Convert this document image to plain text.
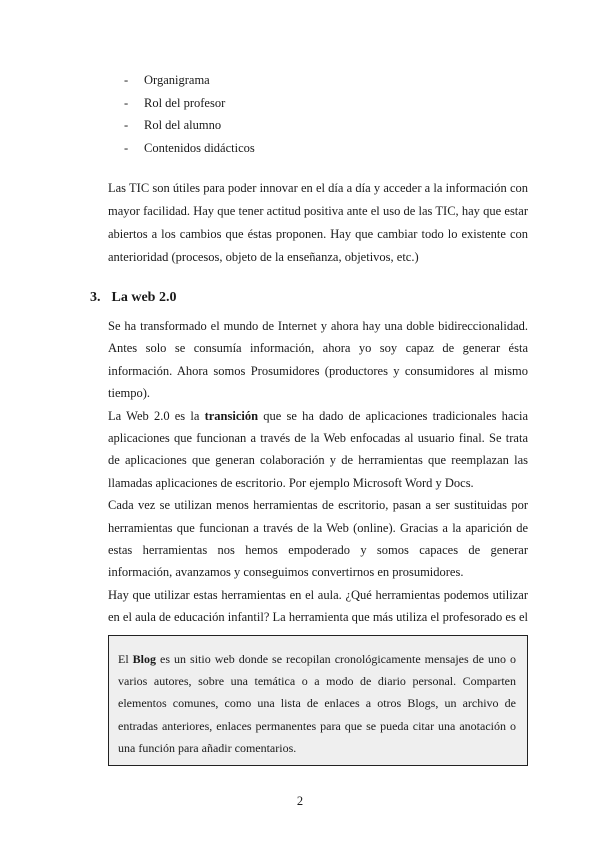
-	Organigrama
-	Rol del profesor
-	Rol del alumno
-	Contenidos didácticos

Las TIC son útiles para poder innovar en el día a día y acceder a la información con mayor facilidad. Hay que tener actitud positiva ante el uso de las TIC, hay que estar abiertos a los cambios que éstas proponen. Hay que cambiar todo lo existente con anterioridad (procesos, objeto de la enseñanza, objetivos, etc.)

3. La web 2.0

Se ha transformado el mundo de Internet y ahora hay una doble bidireccionalidad. Antes solo se consumía información, ahora yo soy capaz de generar ésta información. Ahora somos Prosumidores (productores y consumidores al mismo tiempo).

La Web 2.0 es la transición que se ha dado de aplicaciones tradicionales hacia aplicaciones que funcionan a través de la Web enfocadas al usuario final. Se trata de aplicaciones que generan colaboración y de herramientas que reemplazan las llamadas aplicaciones de escritorio. Por ejemplo Microsoft Word y Docs.

Cada vez se utilizan menos herramientas de escritorio, pasan a ser sustituidas por herramientas que funcionan a través de la Web (online). Gracias a la aparición de estas herramientas nos hemos empoderado y somos capaces de generar información, avanzamos y conseguimos convertirnos en prosumidores.

Hay que utilizar estas herramientas en el aula. ¿Qué herramientas podemos utilizar en el aula de educación infantil? La herramienta que más utiliza el profesorado es el

El Blog es un sitio web donde se recopilan cronológicamente mensajes de uno o varios autores, sobre una temática o a modo de diario personal. Comparten elementos comunes, como una lista de enlaces a otros Blogs, un archivo de entradas anteriores, enlaces permanentes para que se pueda citar una anotación o una función para añadir comentarios.

2
